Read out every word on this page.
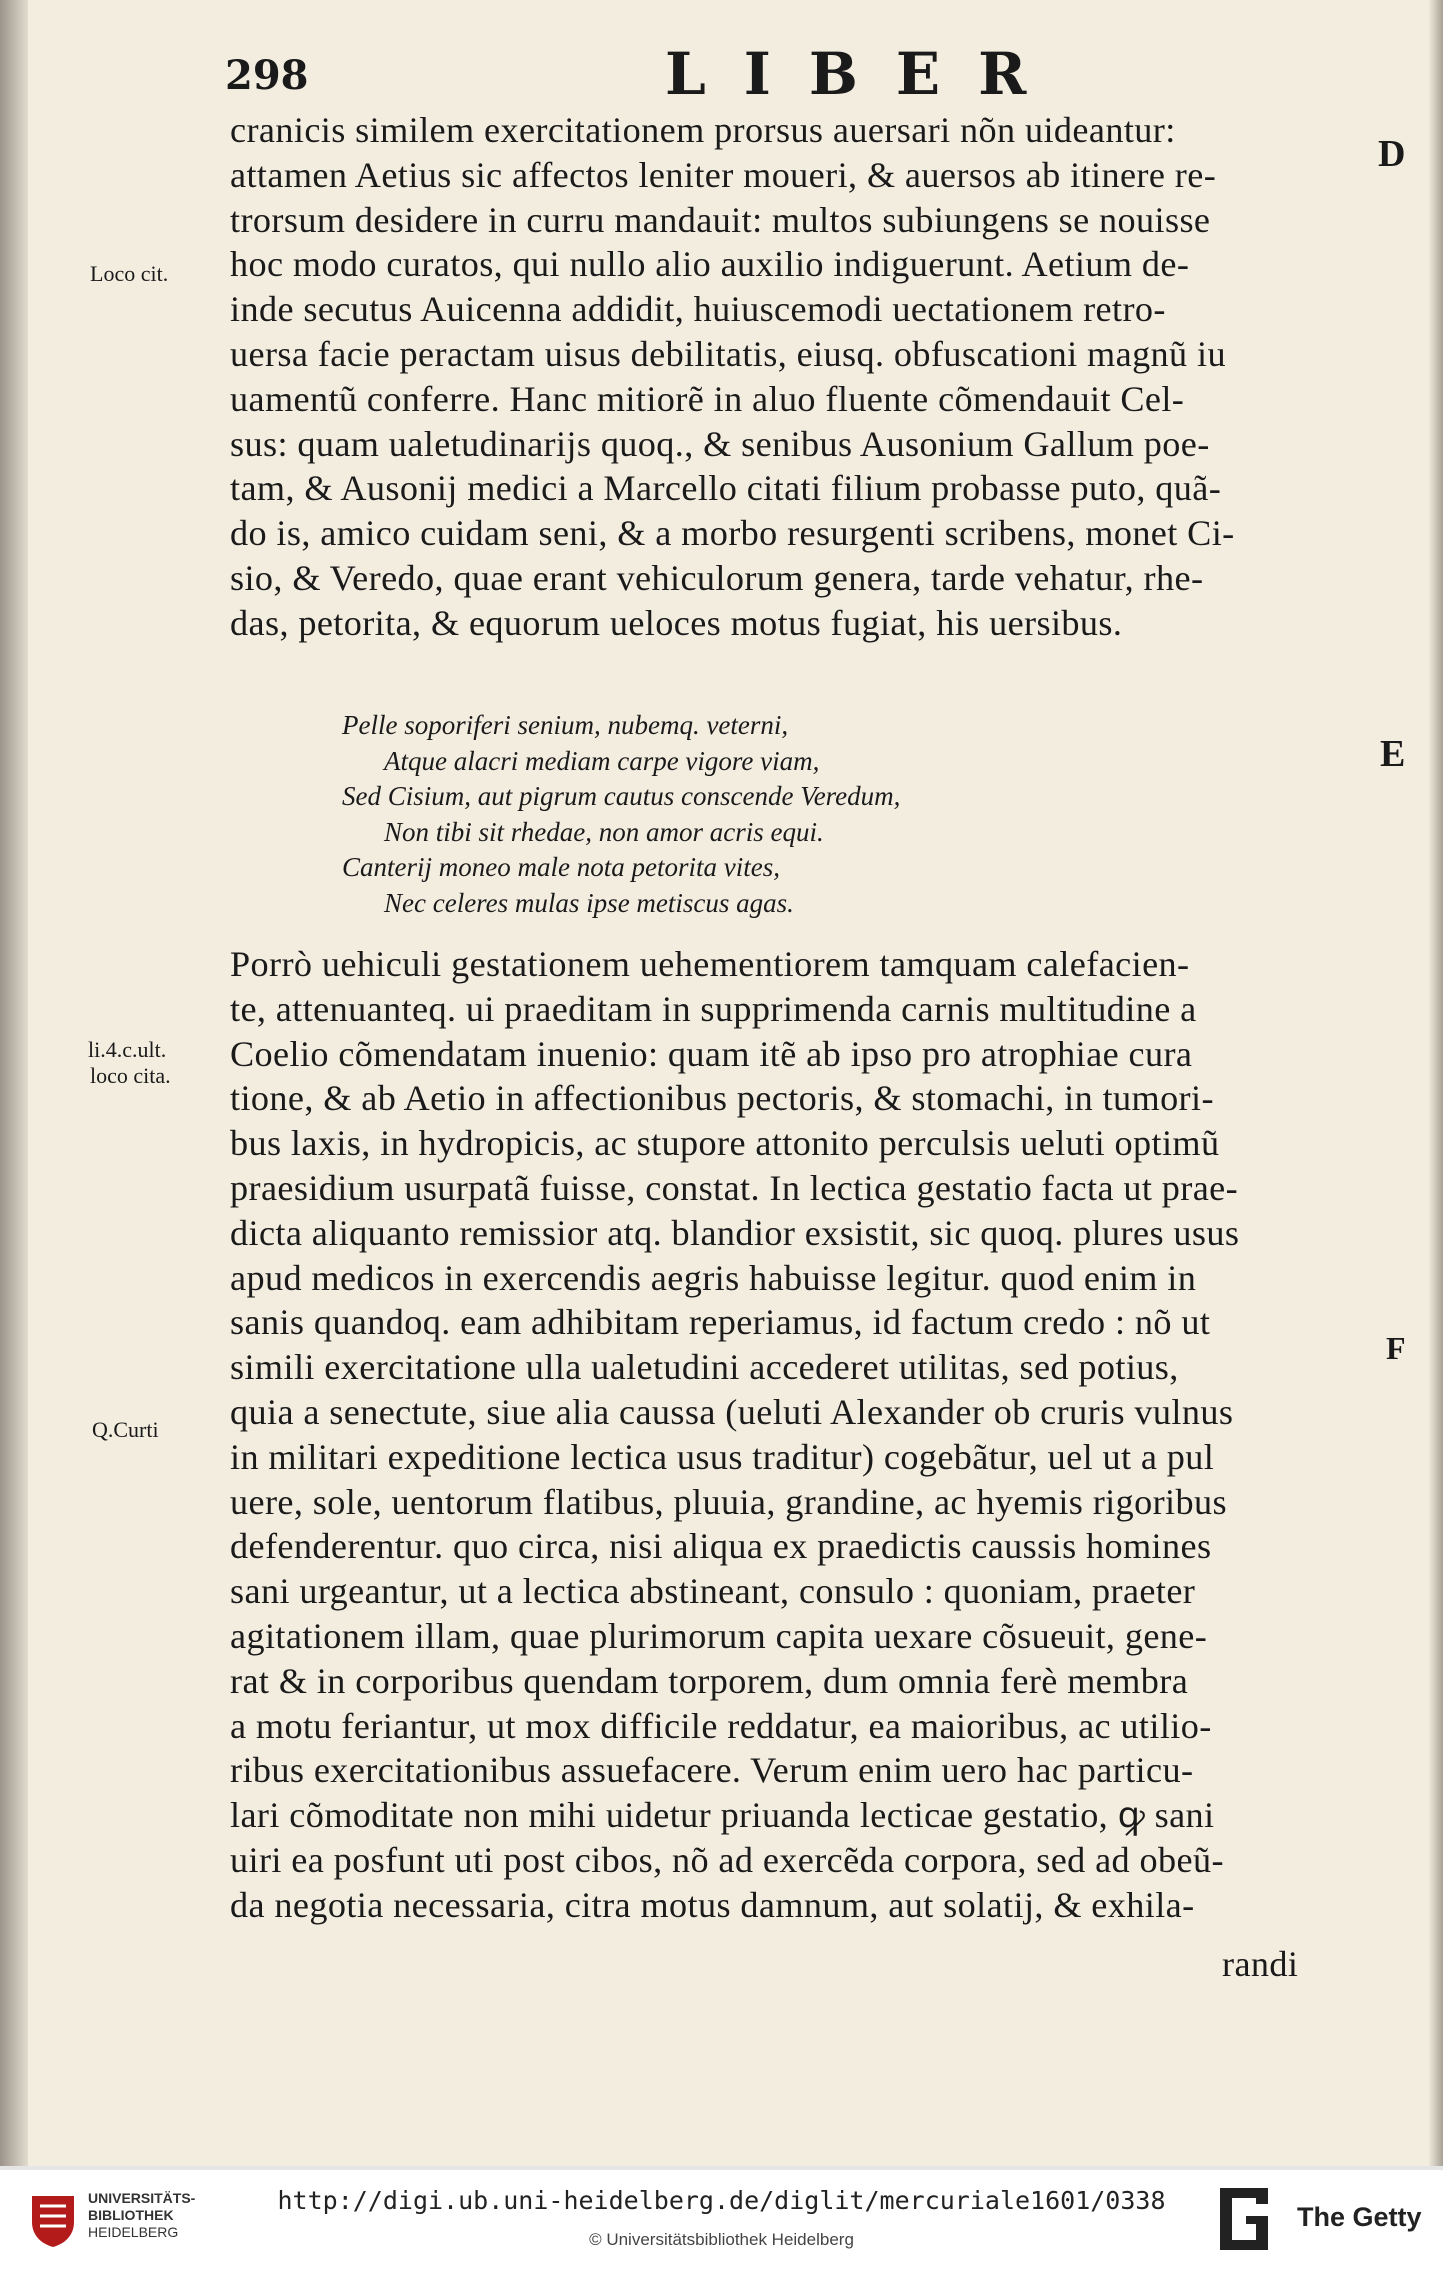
298	LIBER
cranicis similem exercitationem prorsus auersari nõn uideantur:
attamen Aetius sic affectos leniter moueri, & auersos ab itinere re-
trorsum desidere in curru mandauit: multos subiungens se nouisse
hoc modo curatos, qui nullo alio auxilio indiguerunt. Aetium de-
inde secutus Auicenna addidit, huiuscemodi uectationem retro-
uersa facie peractam uisus debilitatis, eiusq. obfuscationi magnũ iu
uamentũ conferre. Hanc mitiorẽ in aluo fluente cõmendauit Cel-
sus: quam ualetudinarijs quoq., & senibus Ausonium Gallum poe-
tam, & Ausonij medici a Marcello citati filium probasse puto, quã-
do is, amico cuidam seni, & a morbo resurgenti scribens, monet Ci-
sio, & Veredo, quae erant vehiculorum genera, tarde vehatur, rhe-
das, petorita, & equorum ueloces motus fugiat, his uersibus.
Pelle soporiferi senium, nubemq. veterni,
Atque alacri mediam carpe vigore viam,
Sed Cisium, aut pigrum cautus conscende Veredum,
Non tibi sit rhedae, non amor acris equi.
Canterij moneo male nota petorita vites,
Nec celeres mulas ipse metiscus agas.
Porrò uehiculi gestationem uehementiorem tamquam calefacien-
te, attenuanteq. ui praeditam in supprimenda carnis multitudine a
Coelio cõmendatam inuenio: quam itẽ ab ipso pro atrophiae cura
tione, & ab Aetio in affectionibus pectoris, & stomachi, in tumori-
bus laxis, in hydropicis, ac stupore attonito perculsis ueluti optimũ
praesidium usurpatã fuisse, constat. In lectica gestatio facta ut prae-
dicta aliquanto remissior atq. blandior exsistit, sic quoq. plures usus
apud medicos in exercendis aegris habuisse legitur. quod enim in
sanis quandoq. eam adhibitam reperiamus, id factum credo : nõ ut
simili exercitatione ulla ualetudini accederet utilitas, sed potius,
quia a senectute, siue alia caussa (ueluti Alexander ob cruris vulnus
in militari expeditione lectica usus traditur) cogebãtur, uel ut a pul
uere, sole, uentorum flatibus, pluuia, grandine, ac hyemis rigoribus
defenderentur. quo circa, nisi aliqua ex praedictis caussis homines
sani urgeantur, ut a lectica abstineant, consulo : quoniam, praeter
agitationem illam, quae plurimorum capita uexare cõsueuit, gene-
rat & in corporibus quendam torporem, dum omnia ferè membra
a motu feriantur, ut mox difficile reddatur, ea maioribus, ac utilio-
ribus exercitationibus assuefacere. Verum enim uero hac particu-
lari cõmoditate non mihi uidetur priuanda lecticae gestatio, ꝙ sani
uiri ea posfunt uti post cibos, nõ ad exercẽda corpora, sed ad obeũ-
da negotia necessaria, citra motus damnum, aut solatij, & exhila-
randi
Loco cit.
li.4.c.ult.
loco cita.
Q.Curti
D
E
F
UNIVERSITÄTS-
BIBLIOTHEK
HEIDELBERG
http://digi.ub.uni-heidelberg.de/diglit/mercuriale1601/0338
© Universitätsbibliothek Heidelberg
The Getty
